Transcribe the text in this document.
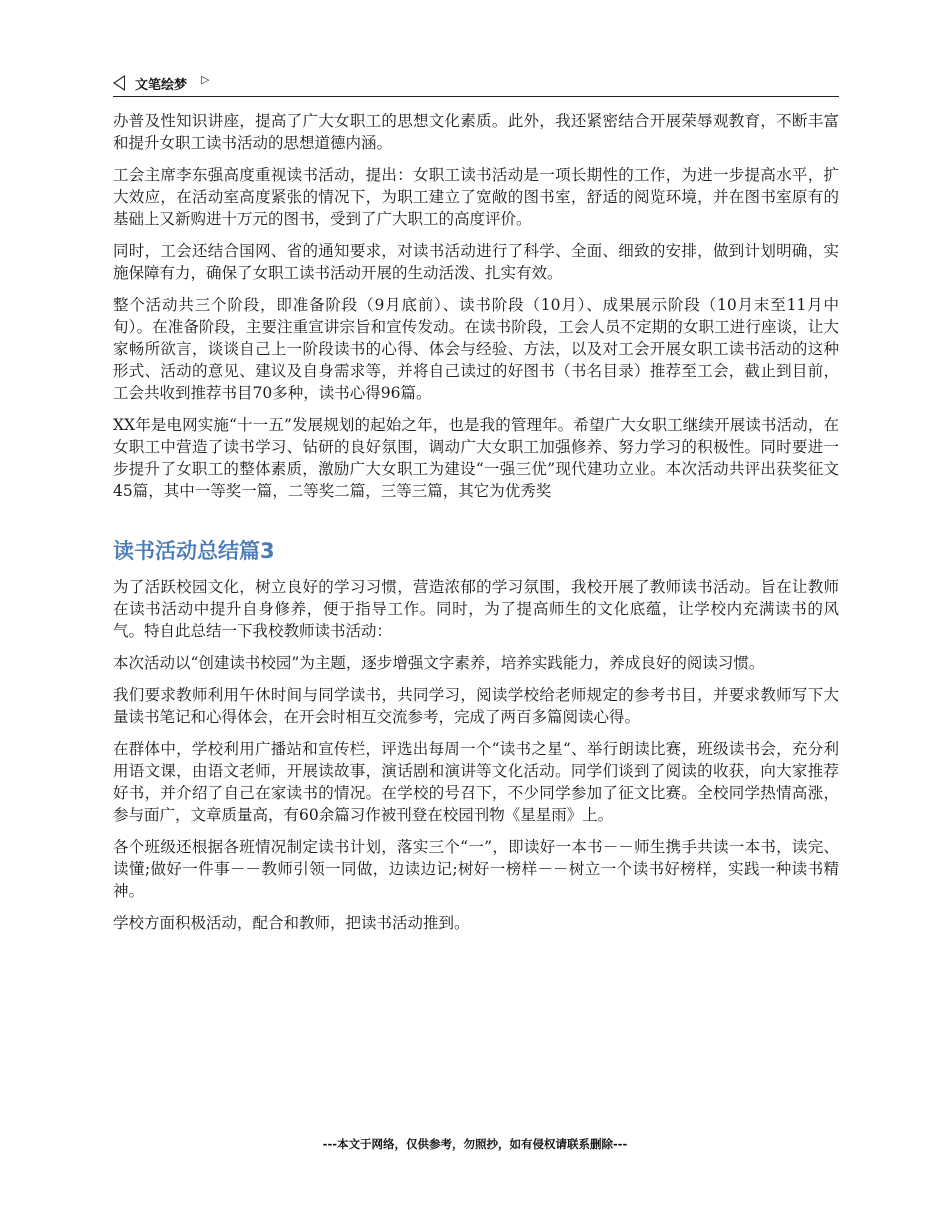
文笔绘梦 ▷

办普及性知识讲座，提高了广大女职工的思想文化素质。此外，我还紧密结合开展荣辱观教育，不断丰富和提升女职工读书活动的思想道德内涵。

工会主席李东强高度重视读书活动，提出：女职工读书活动是一项长期性的工作，为进一步提高水平，扩大效应，在活动室高度紧张的情况下，为职工建立了宽敞的图书室，舒适的阅览环境，并在图书室原有的基础上又新购进十万元的图书，受到了广大职工的高度评价。

同时，工会还结合国网、省的通知要求，对读书活动进行了科学、全面、细致的安排，做到计划明确，实施保障有力，确保了女职工读书活动开展的生动活泼、扎实有效。

整个活动共三个阶段，即准备阶段（9月底前）、读书阶段（10月）、成果展示阶段（10月末至11月中旬）。在准备阶段，主要注重宣讲宗旨和宣传发动。在读书阶段，工会人员不定期的女职工进行座谈，让大家畅所欲言，谈谈自己上一阶段读书的心得、体会与经验、方法，以及对工会开展女职工读书活动的这种形式、活动的意见、建议及自身需求等，并将自己读过的好图书（书名目录）推荐至工会，截止到目前，工会共收到推荐书目70多种，读书心得96篇。

XX年是电网实施“十一五”发展规划的起始之年，也是我的管理年。希望广大女职工继续开展读书活动，在女职工中营造了读书学习、钻研的良好氛围，调动广大女职工加强修养、努力学习的积极性。同时要进一步提升了女职工的整体素质，激励广大女职工为建设“一强三优”现代建功立业。本次活动共评出获奖征文45篇，其中一等奖一篇，二等奖二篇，三等三篇，其它为优秀奖

读书活动总结篇3

为了活跃校园文化，树立良好的学习习惯，营造浓郁的学习氛围，我校开展了教师读书活动。旨在让教师在读书活动中提升自身修养，便于指导工作。同时，为了提高师生的文化底蕴，让学校内充满读书的风气。特自此总结一下我校教师读书活动：

本次活动以“创建读书校园”为主题，逐步增强文字素养，培养实践能力，养成良好的阅读习惯。

我们要求教师利用午休时间与同学读书，共同学习，阅读学校给老师规定的参考书目，并要求教师写下大量读书笔记和心得体会，在开会时相互交流参考，完成了两百多篇阅读心得。

在群体中，学校利用广播站和宣传栏，评选出每周一个“读书之星“、举行朗读比赛，班级读书会，充分利用语文课，由语文老师，开展读故事，演话剧和演讲等文化活动。同学们谈到了阅读的收获，向大家推荐好书，并介绍了自己在家读书的情况。在学校的号召下，不少同学参加了征文比赛。全校同学热情高涨，参与面广，文章质量高，有60余篇习作被刊登在校园刊物《星星雨》上。

各个班级还根据各班情况制定读书计划，落实三个“一”，即读好一本书－－师生携手共读一本书，读完、读懂;做好一件事－－教师引领一同做，边读边记;树好一榜样－－树立一个读书好榜样，实践一种读书精神。

学校方面积极活动，配合和教师，把读书活动推到。

---本文于网络，仅供参考，勿照抄，如有侵权请联系删除---
